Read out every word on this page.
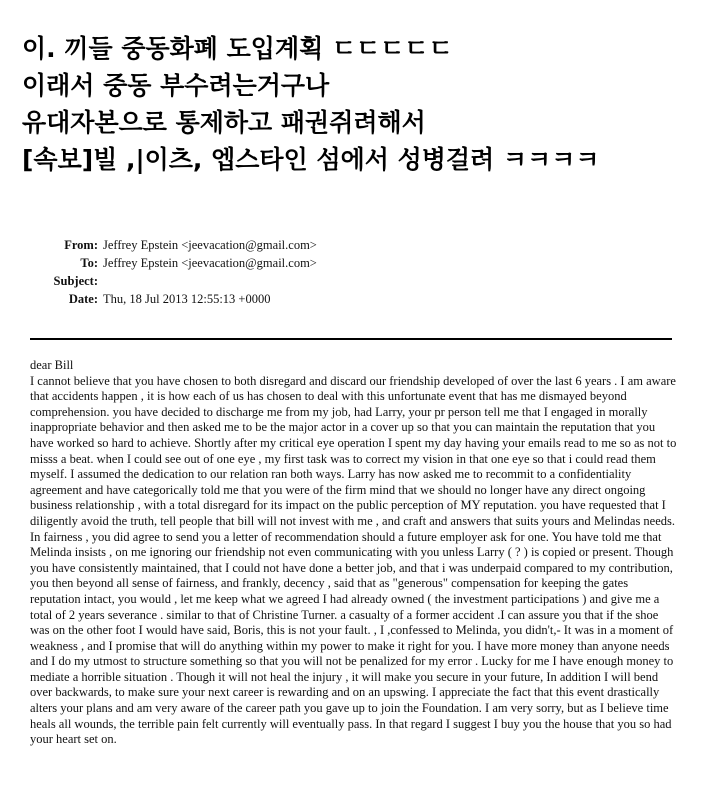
이. 끼들 중동화폐 도입계획 ㄷㄷㄷㄷㄷ
이래서 중동 부수려는거구나
유대자본으로 통제하고 패권쥐려해서
[속보]빌 ,|이츠, 엡스타인 섬에서 성병걸려 ㅋㅋㅋㅋ
From: Jeffrey Epstein <jeevacation@gmail.com>
To: Jeffrey Epstein <jeevacation@gmail.com>
Subject:
Date: Thu, 18 Jul 2013 12:55:13 +0000

dear Bill

I cannot believe that you have chosen to both disregard and discard our friendship developed of over the last 6 years . I am aware that accidents happen , it is how each of us has chosen to deal with this unfortunate event that has me dismayed beyond comprehension. you have decided to discharge me from my job, had Larry, your pr person tell me that I engaged in morally inappropriate behavior and then asked me to be the major actor in a cover up so that you can maintain the reputation that you have worked so hard to achieve. Shortly after my critical eye operation I spent my day having your emails read to me so as not to misss a beat. when I could see out of one eye , my first task was to correct my vision in that one eye so that i could read them myself. I assumed the dedication to our relation ran both ways. Larry has now asked me to recommit to a confidentiality agreement and have categorically told me that you were of the firm mind that we should no longer have any direct ongoing business relationship , with a total disregard for its impact on the public perception of MY reputation. you have requested that I diligently avoid the truth, tell people that bill will not invest with me , and craft and answers that suits yours and Melindas needs. In fairness , you did agree to send you a letter of recommendation should a future employer ask for one. You have told me that Melinda insists , on me ignoring our friendship not even communicating with you unless Larry ( ? ) is copied or present. Though you have consistently maintained, that I could not have done a better job, and that i was underpaid compared to my contribution, you then beyond all sense of fairness, and frankly, decency , said that as "generous" compensation for keeping the gates reputation intact, you would , let me keep what we agreed I had already owned ( the investment participations ) and give me a total of 2 years severance . similar to that of Christine Turner. a casualty of a former accident .I can assure you that if the shoe was on the other foot I would have said, Boris, this is not your fault. , I ,confessed to Melinda, you didn't,- It was in a moment of weakness , and I promise that will do anything within my power to make it right for you. I have more money than anyone needs and I do my utmost to structure something so that you will not be penalized for my error . Lucky for me I have enough money to mediate a horrible situation . Though it will not heal the injury , it will make you secure in your future, In addition I will bend over backwards, to make sure your next career is rewarding and on an upswing. I appreciate the fact that this event drastically alters your plans and am very aware of the career path you gave up to join the Foundation. I am very sorry, but as I believe time heals all wounds, the terrible pain felt currently will eventually pass. In that regard I suggest I buy you the house that you so had your heart set on.
